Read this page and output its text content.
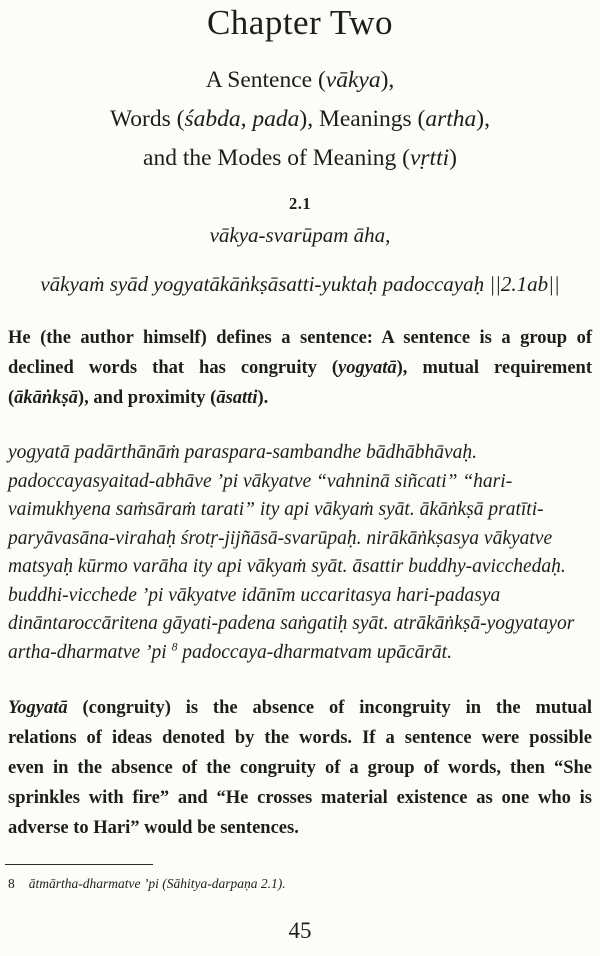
Chapter Two
A Sentence (vākya),
Words (śabda, pada), Meanings (artha),
and the Modes of Meaning (vṛtti)
2.1
vākya-svarūpam āha,
vākyaṁ syād yogyatākāṅkṣāsatti-yuktaḥ padoccayaḥ ||2.1ab||
He (the author himself) defines a sentence: A sentence is a group of
declined words that has congruity (yogyatā), mutual requirement
(ākāṅkṣā), and proximity (āsatti).
yogyatā padārthānāṁ paraspara-sambandhe bādhābhāvaḥ.
padoccayasyaitad-abhāve ’pi vākyatve “vahninā siñcati” “hari-
vaimukhyena saṁsāraṁ tarati” ity api vākyaṁ syāt. ākāṅkṣā pratīti-
paryāvasāna-virahaḥ śrotṛ-jijñāsā-svarūpaḥ. nirākāṅkṣasya vākyatve
matsyaḥ kūrmo varāha ity api vākyaṁ syāt. āsattir buddhy-avicchedaḥ.
buddhi-vicchede ’pi vākyatve idānīm uccaritasya hari-padasya
dināntaroccāritena gāyati-padena saṅgatiḥ syāt. atrākāṅkṣā-yogyatayor
artha-dharmatve ’pi $^8$ padoccaya-dharmatvam upācārāt.
Yogyatā (congruity) is the absence of incongruity in the mutual
relations of ideas denoted by the words. If a sentence were possible
even in the absence of the congruity of a group of words, then “She
sprinkles with fire” and “He crosses material existence as one who is
adverse to Hari” would be sentences.
8 ātmārtha-dharmatve ’pi (Sāhitya-darpaṇa 2.1).
45
